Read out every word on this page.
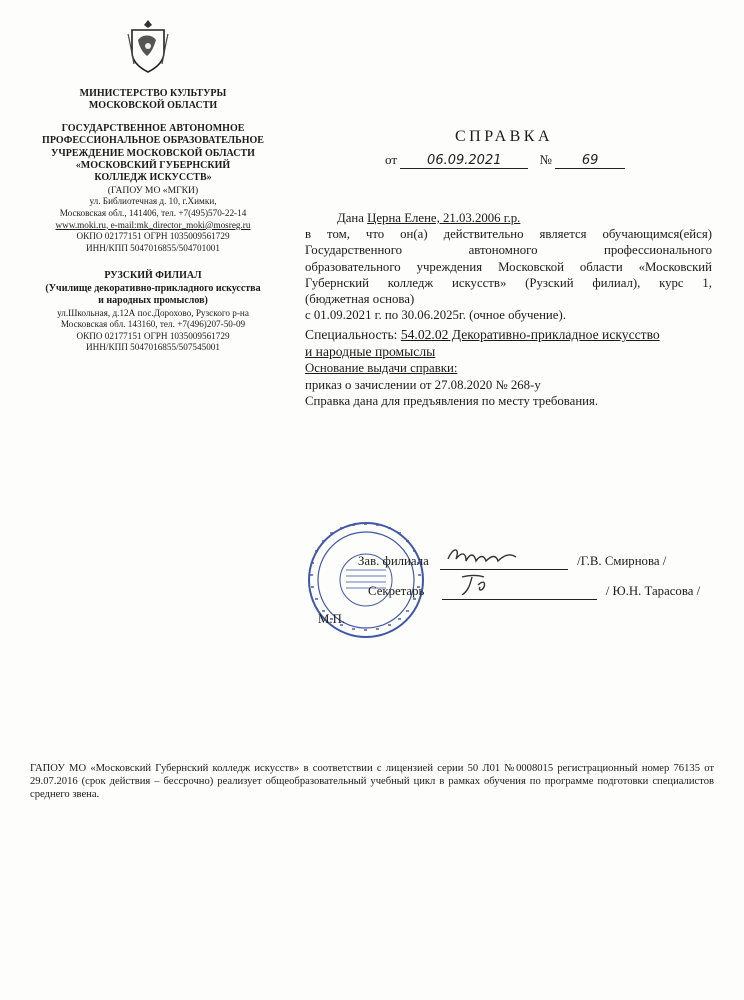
МИНИСТЕРСТВО КУЛЬТУРЫ
МОСКОВСКОЙ ОБЛАСТИ
ГОСУДАРСТВЕННОЕ АВТОНОМНОЕ
ПРОФЕССИОНАЛЬНОЕ ОБРАЗОВАТЕЛЬНОЕ
УЧРЕЖДЕНИЕ МОСКОВСКОЙ ОБЛАСТИ
«МОСКОВСКИЙ ГУБЕРНСКИЙ
КОЛЛЕДЖ ИСКУССТВ»
(ГАПОУ МО «МГКИ)
ул. Библиотечная д. 10, г.Химки,
Московская обл., 141406, тел. +7(495)570-22-14
www.moki.ru, e-mail:mk_director_moki@mosreg.ru
ОКПО 02177151 ОГРН 1035009561729
ИНН/КПП 5047016855/504701001
РУЗСКИЙ ФИЛИАЛ
(Училище декоративно-прикладного искусства
и народных промыслов)
ул.Школьная, д.12А пос.Дорохово, Рузского р-на
Московская обл. 143160, тел. +7(496)207-50-09
ОКПО 02177151 ОГРН 1035009561729
ИНН/КПП 5047016855/507545001
СПРАВКА
от 06.09.2021	№ 69

Дана Церна Елене, 21.03.2006 г.р.

в том, что он(а) действительно является обучающимся(ейся)

Государственного автономного профессионального

образовательного учреждения Московской области «Московский

Губернский колледж искусств» (Рузский филиал), курс 1,

(бюджетная основа)

с 01.09.2021 г. по 30.06.2025г. (очное обучение).

Специальность: 54.02.02 Декоративно-прикладное искусство

и народные промыслы

Основание выдачи справки:

приказ о зачислении от 27.08.2020 № 268-у

Справка дана для предъявления по месту требования.

Зав. филиала	/Г.В. Смирнова /
Секретарь	/ Ю.Н. Тарасова /
М.П.
ГАПОУ МО «Московский Губернский колледж искусств» в соответствии с лицензией серии 50 Л01 №0008015 регистрационный номер 76135 от 29.07.2016 (срок действия – бессрочно) реализует общеобразовательный учебный цикл в рамках обучения по программе подготовки специалистов среднего звена.
